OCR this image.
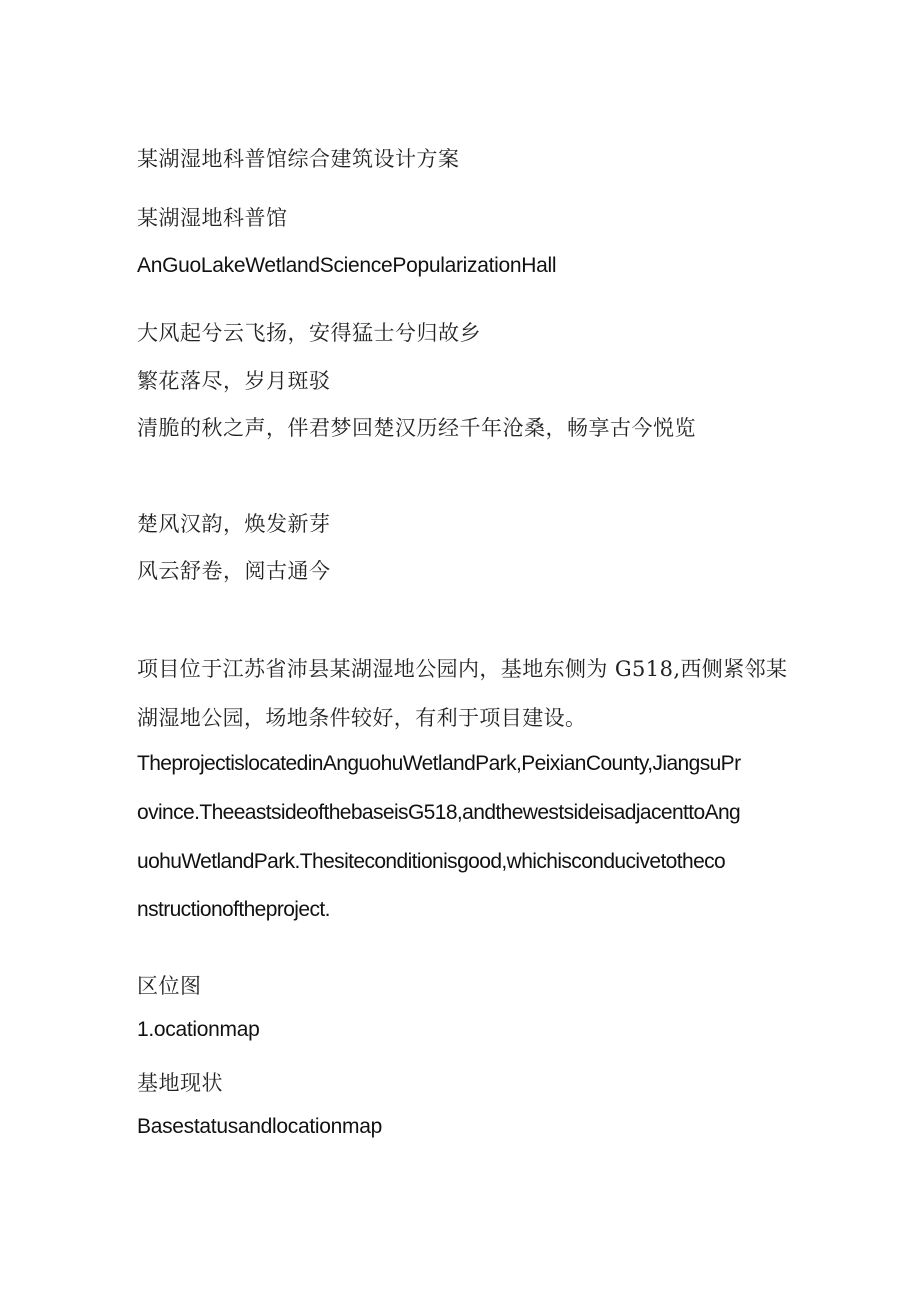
某湖湿地科普馆综合建筑设计方案

某湖湿地科普馆

AnGuoLakeWetlandSciencePopularizationHall

大风起兮云飞扬，安得猛士兮归故乡

繁花落尽，岁月斑驳

清脆的秋之声，伴君梦回楚汉历经千年沧桑，畅享古今悦览

楚风汉韵，焕发新芽

风云舒卷，阅古通今

项目位于江苏省沛县某湖湿地公园内，基地东侧为 G518,西侧紧邻某

湖湿地公园，场地条件较好，有利于项目建设。

TheprojectislocatedinAnguohuWetlandPark,PeixianCounty,JiangsuPr

ovince.TheeastsideofthebaseisG518,andthewestsideisadjacenttoAng

uohuWetlandPark.Thesiteconditionisgood,whichisconducivetotheco

nstructionoftheproject.

区位图

1.ocationmap

基地现状

Basestatusandlocationmap
